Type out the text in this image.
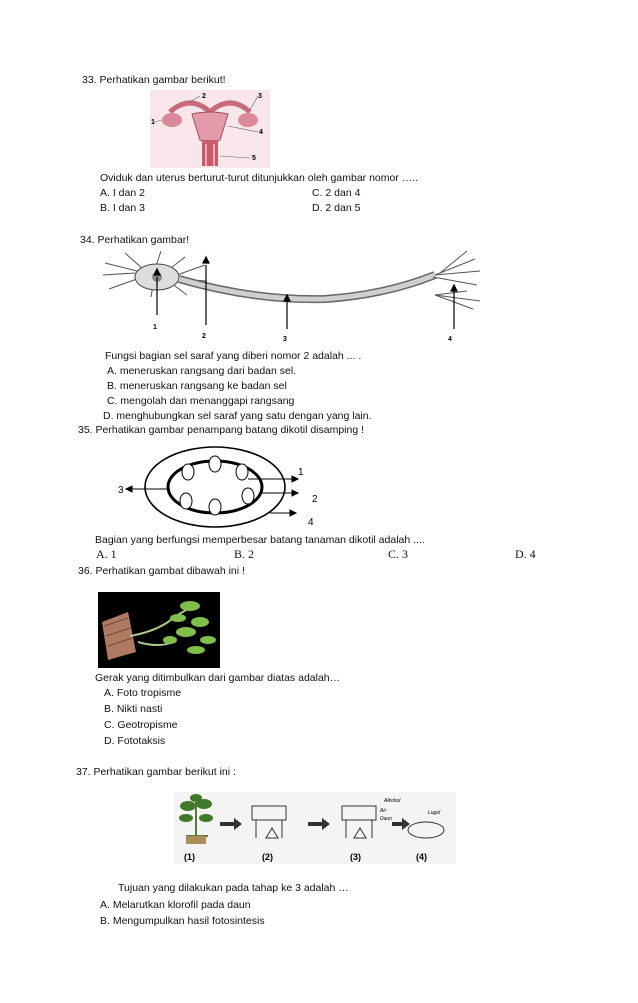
33. Perhatikan gambar berikut!
1
2	3
4
5
Oviduk dan uterus berturut-turut ditunjukkan oleh gambar nomor …..
A. I dan 2	C. 2 dan 4
B. I dan 3	D. 2 dan 5
34. Perhatikan gambar!
1
2	3	4
Fungsi bagian sel saraf yang diberi nomor 2 adalah ... .
A. meneruskan rangsang dari badan sel.
B. meneruskan rangsang ke badan sel
C. mengolah dan menanggapi rangsang
D. menghubungkan sel saraf yang satu dengan yang lain.
35. Perhatikan gambar penampang batang dikotil disamping !
3
1
2
4
Bagian yang berfungsi memperbesar batang tanaman dikotil adalah ....
A. 1	B. 2	C. 3	D. 4
36. Perhatikan gambat dibawah ini !
Gerak yang ditimbulkan dari gambar diatas adalah…
A. Foto tropisme
B. Nikti nasti
C. Geotropisme
D. Fototaksis
37. Perhatikan gambar berikut ini :
Alkohol
Air
Daun
Lugol
(1)	(2)	(3)	(4)
Tujuan yang dilakukan pada tahap ke 3 adalah …
A. Melarutkan klorofil pada daun
B. Mengumpulkan hasil fotosintesis
